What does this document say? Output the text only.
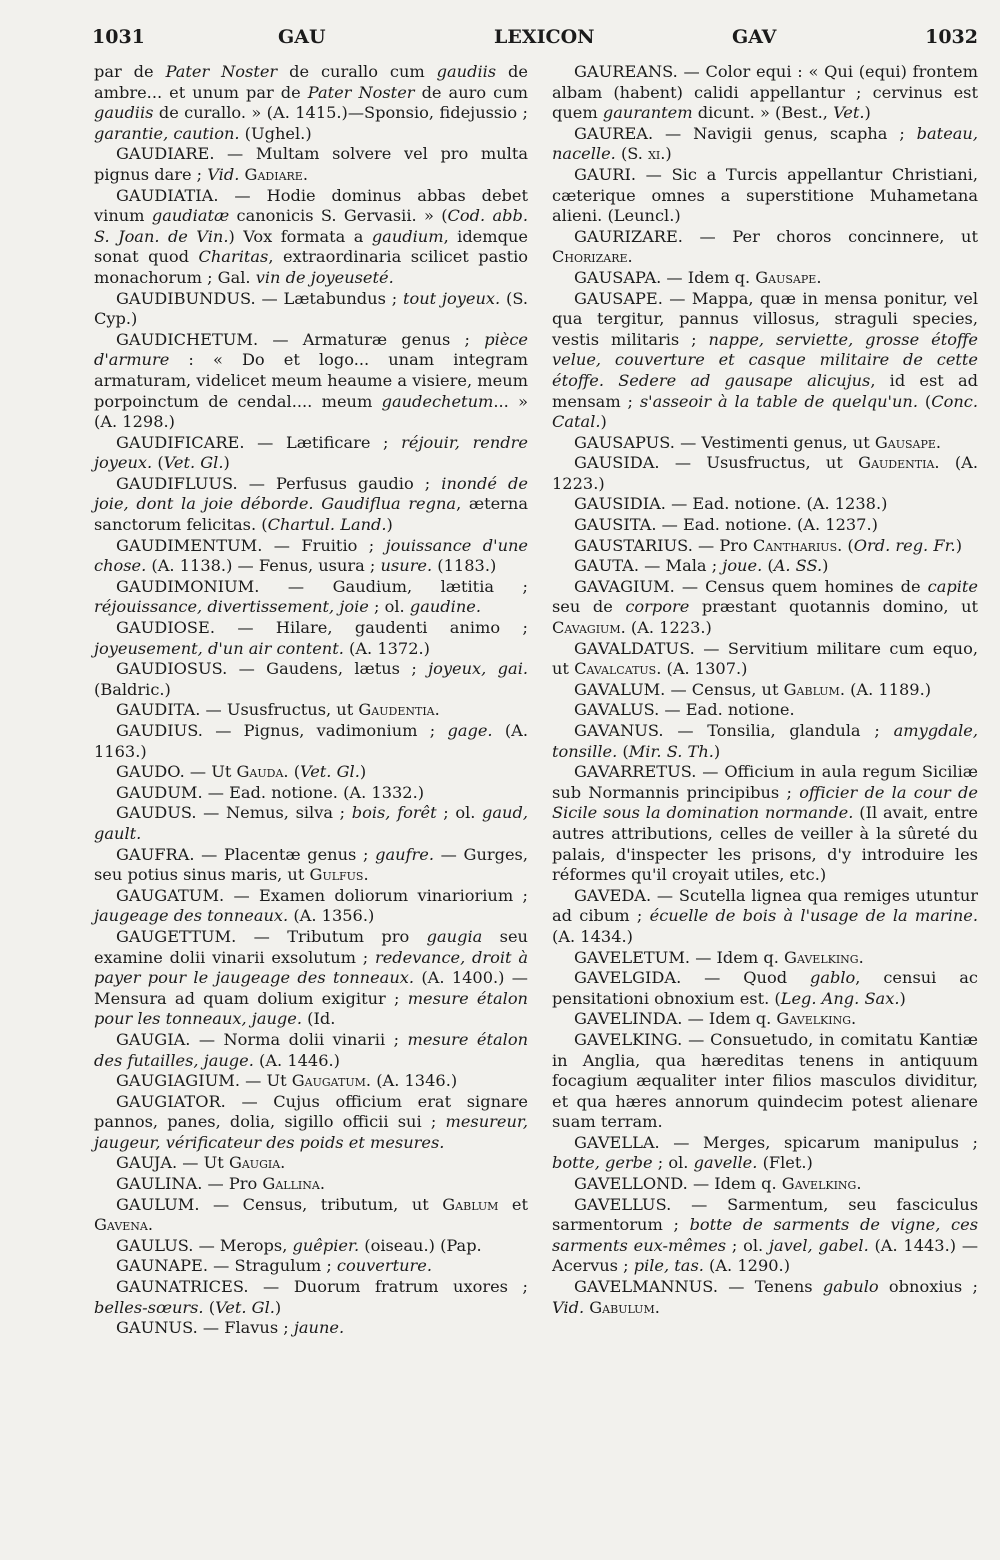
1031	GAU	LEXICON	GAV	1032

par de Pater Noster de curallo cum gaudiis de ambre... et unum par de Pater Noster de auro cum gaudiis de curallo. » (A. 1415.)—Sponsio, fidejussio ; garantie, caution. (Ughel.)

GAUDIARE. — Multam solvere vel pro multa pignus dare ; Vid. Gadiare.

GAUDIATIA. — Hodie dominus abbas debet vinum gaudiatæ canonicis S. Gervasii. » (Cod. abb. S. Joan. de Vin.) Vox formata a gaudium, idemque sonat quod Charitas, extraordinaria scilicet pastio monachorum ; Gal. vin de joyeuseté.

GAUDIBUNDUS. — Lætabundus ; tout joyeux. (S. Cyp.)

GAUDICHETUM. — Armaturæ genus ; pièce d'armure : « Do et logo... unam integram armaturam, videlicet meum heaume a visiere, meum porpoinctum de cendal.... meum gaudechetum... » (A. 1298.)

GAUDIFICARE. — Lætificare ; réjouir, rendre joyeux. (Vet. Gl.)

GAUDIFLUUS. — Perfusus gaudio ; inondé de joie, dont la joie déborde. Gaudiflua regna, æterna sanctorum felicitas. (Chartul. Land.)

GAUDIMENTUM. — Fruitio ; jouissance d'une chose. (A. 1138.) — Fenus, usura ; usure. (1183.)

GAUDIMONIUM. — Gaudium, lætitia ; réjouissance, divertissement, joie ; ol. gaudine.

GAUDIOSE. — Hilare, gaudenti animo ; joyeusement, d'un air content. (A. 1372.)

GAUDIOSUS. — Gaudens, lætus ; joyeux, gai. (Baldric.)

GAUDITA. — Ususfructus, ut Gaudentia.

GAUDIUS. — Pignus, vadimonium ; gage. (A. 1163.)

GAUDO. — Ut Gauda. (Vet. Gl.)

GAUDUM. — Ead. notione. (A. 1332.)

GAUDUS. — Nemus, silva ; bois, forêt ; ol. gaud, gault.

GAUFRA. — Placentæ genus ; gaufre. — Gurges, seu potius sinus maris, ut Gulfus.

GAUGATUM. — Examen doliorum vinariorium ; jaugeage des tonneaux. (A. 1356.)

GAUGETTUM. — Tributum pro gaugia seu examine dolii vinarii exsolutum ; redevance, droit à payer pour le jaugeage des tonneaux. (A. 1400.) — Mensura ad quam dolium exigitur ; mesure étalon pour les tonneaux, jauge. (Id.

GAUGIA. — Norma dolii vinarii ; mesure étalon des futailles, jauge. (A. 1446.)

GAUGIAGIUM. — Ut Gaugatum. (A. 1346.)

GAUGIATOR. — Cujus officium erat signare pannos, panes, dolia, sigillo officii sui ; mesureur, jaugeur, vérificateur des poids et mesures.

GAUJA. — Ut Gaugia.

GAULINA. — Pro Gallina.

GAULUM. — Census, tributum, ut Gablum et Gavena.

GAULUS. — Merops, guêpier. (oiseau.) (Pap.

GAUNAPE. — Stragulum ; couverture.

GAUNATRICES. — Duorum fratrum uxores ; belles-sœurs. (Vet. Gl.)

GAUNUS. — Flavus ; jaune.

GAUREANS. — Color equi : « Qui (equi) frontem albam (habent) calidi appellantur ; cervinus est quem gaurantem dicunt. » (Best., Vet.)

GAUREA. — Navigii genus, scapha ; bateau, nacelle. (S. xi.)

GAURI. — Sic a Turcis appellantur Christiani, cæterique omnes a superstitione Muhametana alieni. (Leuncl.)

GAURIZARE. — Per choros concinnere, ut Chorizare.

GAUSAPA. — Idem q. Gausape.

GAUSAPE. — Mappa, quæ in mensa ponitur, vel qua tergitur, pannus villosus, straguli species, vestis militaris ; nappe, serviette, grosse étoffe velue, couverture et casque militaire de cette étoffe. Sedere ad gausape alicujus, id est ad mensam ; s'asseoir à la table de quelqu'un. (Conc. Catal.)

GAUSAPUS. — Vestimenti genus, ut Gausape.

GAUSIDA. — Ususfructus, ut Gaudentia. (A. 1223.)

GAUSIDIA. — Ead. notione. (A. 1238.)

GAUSITA. — Ead. notione. (A. 1237.)

GAUSTARIUS. — Pro Cantharius. (Ord. reg. Fr.)

GAUTA. — Mala ; joue. (A. SS.)

GAVAGIUM. — Census quem homines de capite seu de corpore præstant quotannis domino, ut Cavagium. (A. 1223.)

GAVALDATUS. — Servitium militare cum equo, ut Cavalcatus. (A. 1307.)

GAVALUM. — Census, ut Gablum. (A. 1189.)

GAVALUS. — Ead. notione.

GAVANUS. — Tonsilia, glandula ; amygdale, tonsille. (Mir. S. Th.)

GAVARRETUS. — Officium in aula regum Siciliæ sub Normannis principibus ; officier de la cour de Sicile sous la domination normande. (Il avait, entre autres attributions, celles de veiller à la sûreté du palais, d'inspecter les prisons, d'y introduire les réformes qu'il croyait utiles, etc.)

GAVEDA. — Scutella lignea qua remiges utuntur ad cibum ; écuelle de bois à l'usage de la marine. (A. 1434.)

GAVELETUM. — Idem q. Gavelking.

GAVELGIDA. — Quod gablo, censui ac pensitationi obnoxium est. (Leg. Ang. Sax.)

GAVELINDA. — Idem q. Gavelking.

GAVELKING. — Consuetudo, in comitatu Kantiæ in Anglia, qua hæreditas tenens in antiquum focagium æqualiter inter filios masculos dividitur, et qua hæres annorum quindecim potest alienare suam terram.

GAVELLA. — Merges, spicarum manipulus ; botte, gerbe ; ol. gavelle. (Flet.)

GAVELLOND. — Idem q. Gavelking.

GAVELLUS. — Sarmentum, seu fasciculus sarmentorum ; botte de sarments de vigne, ces sarments eux-mêmes ; ol. javel, gabel. (A. 1443.) — Acervus ; pile, tas. (A. 1290.)

GAVELMANNUS. — Tenens gabulo obnoxius ; Vid. Gabulum.
